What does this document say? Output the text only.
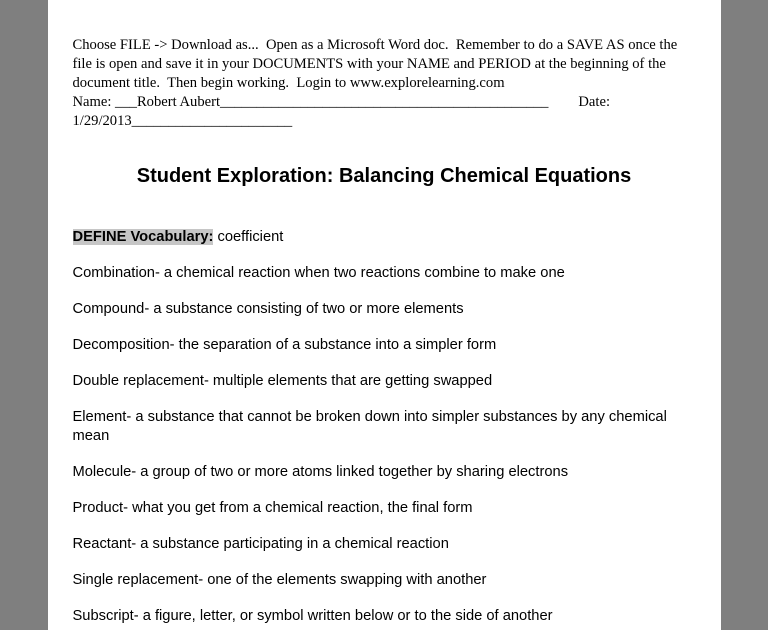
Choose FILE -> Download as...  Open as a Microsoft Word doc.  Remember to do a SAVE AS once the file is open and save it in your DOCUMENTS with your NAME and PERIOD at the beginning of the document title.  Then begin working.  Login to www.explorelearning.com
Name: ___Robert Aubert_____________________________________________ Date:
1/29/2013______________________

Student Exploration: Balancing Chemical Equations

DEFINE Vocabulary: coefficient

Combination- a chemical reaction when two reactions combine to make one

Compound- a substance consisting of two or more elements

Decomposition- the separation of a substance into a simpler form

Double replacement- multiple elements that are getting swapped

Element- a substance that cannot be broken down into simpler substances by any chemical mean

Molecule- a group of two or more atoms linked together by sharing electrons

Product- what you get from a chemical reaction, the final form

Reactant- a substance participating in a chemical reaction

Single replacement- one of the elements swapping with another

Subscript- a figure, letter, or symbol written below or to the side of another
